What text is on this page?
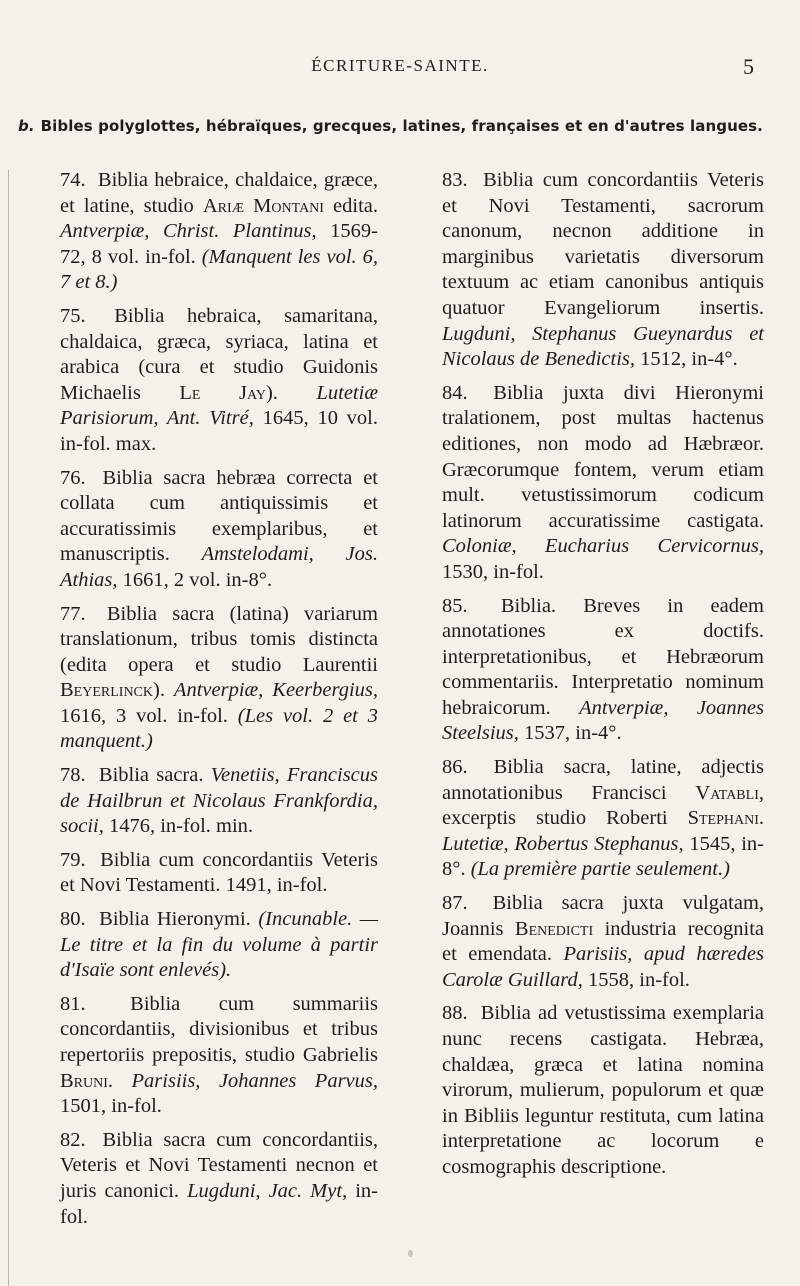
ÉCRITURE-SAINTE.	5
b. Bibles polyglottes, hébraïques, grecques, latines, françaises et en d'autres langues.

74. Biblia hebraice, chaldaice, græce, et latine, studio Ariæ Montani edita. Antverpiæ, Christ. Plantinus, 1569-72, 8 vol. in-fol. (Manquent les vol. 6, 7 et 8.)

75. Biblia hebraica, samaritana, chaldaica, græca, syriaca, latina et arabica (cura et studio Guidonis Michaelis Le Jay). Lutetiæ Parisiorum, Ant. Vitré, 1645, 10 vol. in-fol. max.

76. Biblia sacra hebræa correcta et collata cum antiquissimis et accuratissimis exemplaribus, et manuscriptis. Amstelodami, Jos. Athias, 1661, 2 vol. in-8°.

77. Biblia sacra (latina) variarum translationum, tribus tomis distincta (edita opera et studio Laurentii Beyerlinck). Antverpiæ, Keerbergius, 1616, 3 vol. in-fol. (Les vol. 2 et 3 manquent.)

78. Biblia sacra. Venetiis, Franciscus de Hailbrun et Nicolaus Frankfordia, socii, 1476, in-fol. min.

79. Biblia cum concordantiis Veteris et Novi Testamenti. 1491, in-fol.

80. Biblia Hieronymi. (Incunable. — Le titre et la fin du volume à partir d'Isaïe sont enlevés).

81. Biblia cum summariis concordantiis, divisionibus et tribus repertoriis prepositis, studio Gabrielis Bruni. Parisiis, Johannes Parvus, 1501, in-fol.

82. Biblia sacra cum concordantiis, Veteris et Novi Testamenti necnon et juris canonici. Lugduni, Jac. Myt, in-fol.

83. Biblia cum concordantiis Veteris et Novi Testamenti, sacrorum canonum, necnon additione in marginibus varietatis diversorum textuum ac etiam canonibus antiquis quatuor Evangeliorum insertis. Lugduni, Stephanus Gueynardus et Nicolaus de Benedictis, 1512, in-4°.

84. Biblia juxta divi Hieronymi tralationem, post multas hactenus editiones, non modo ad Hæbræor. Græcorumque fontem, verum etiam mult. vetustissimorum codicum latinorum accuratissime castigata. Coloniæ, Eucharius Cervicornus, 1530, in-fol.

85. Biblia. Breves in eadem annotationes ex doctifs. interpretationibus, et Hebræorum commentariis. Interpretatio nominum hebraicorum. Antverpiæ, Joannes Steelsius, 1537, in-4°.

86. Biblia sacra, latine, adjectis annotationibus Francisci Vatabli, excerptis studio Roberti Stephani. Lutetiæ, Robertus Stephanus, 1545, in-8°. (La première partie seulement.)

87. Biblia sacra juxta vulgatam, Joannis Benedicti industria recognita et emendata. Parisiis, apud hæredes Carolæ Guillard, 1558, in-fol.

88. Biblia ad vetustissima exemplaria nunc recens castigata. Hebræa, chaldæa, græca et latina nomina virorum, mulierum, populorum et quæ in Bibliis leguntur restituta, cum latina interpretatione ac locorum e cosmographis descriptione.
